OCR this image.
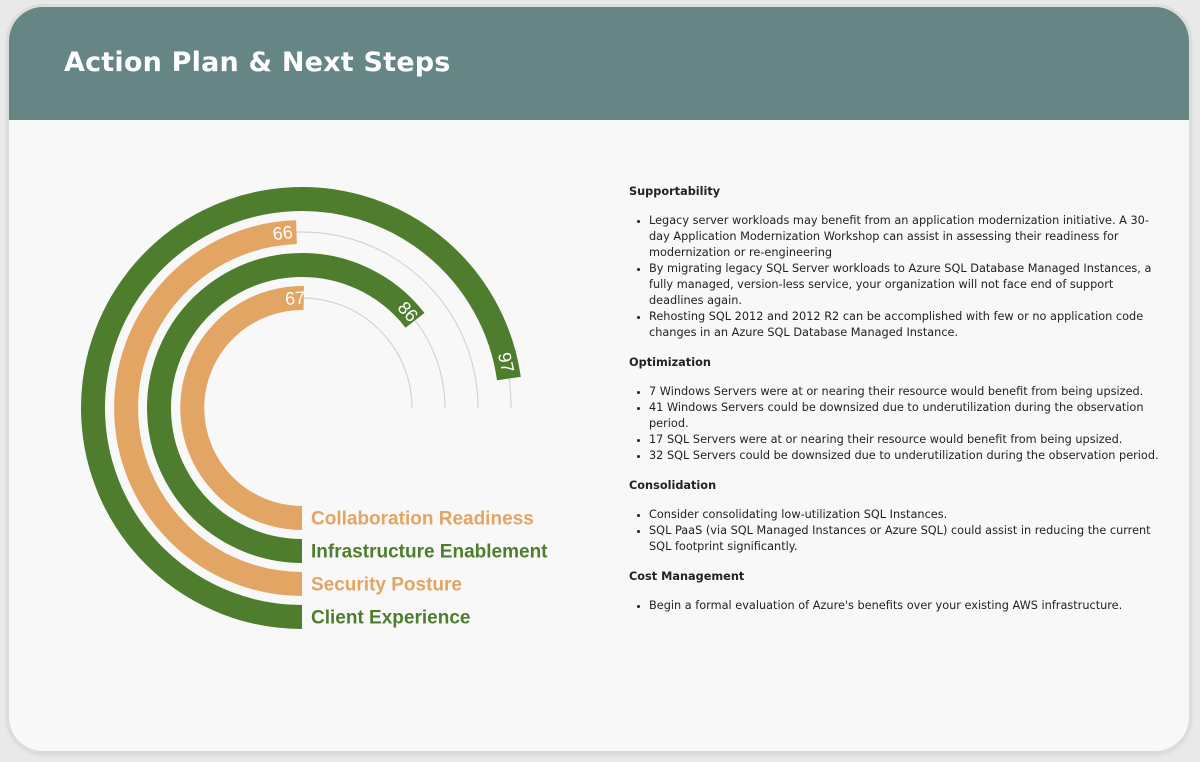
Action Plan & Next Steps
97
66
86
67
Collaboration Readiness
Infrastructure Enablement
Security Posture
Client Experience
Supportability
• Legacy server workloads may benefit from an application modernization initiative. A 30-day Application Modernization Workshop can assist in assessing their readiness for modernization or re-engineering
• By migrating legacy SQL Server workloads to Azure SQL Database Managed Instances, a fully managed, version-less service, your organization will not face end of support deadlines again.
• Rehosting SQL 2012 and 2012 R2 can be accomplished with few or no application code changes in an Azure SQL Database Managed Instance.
Optimization
• 7 Windows Servers were at or nearing their resource would benefit from being upsized.
• 41 Windows Servers could be downsized due to underutilization during the observation period.
• 17 SQL Servers were at or nearing their resource would benefit from being upsized.
• 32 SQL Servers could be downsized due to underutilization during the observation period.
Consolidation
• Consider consolidating low-utilization SQL Instances.
• SQL PaaS (via SQL Managed Instances or Azure SQL) could assist in reducing the current SQL footprint significantly.
Cost Management
• Begin a formal evaluation of Azure's benefits over your existing AWS infrastructure.
